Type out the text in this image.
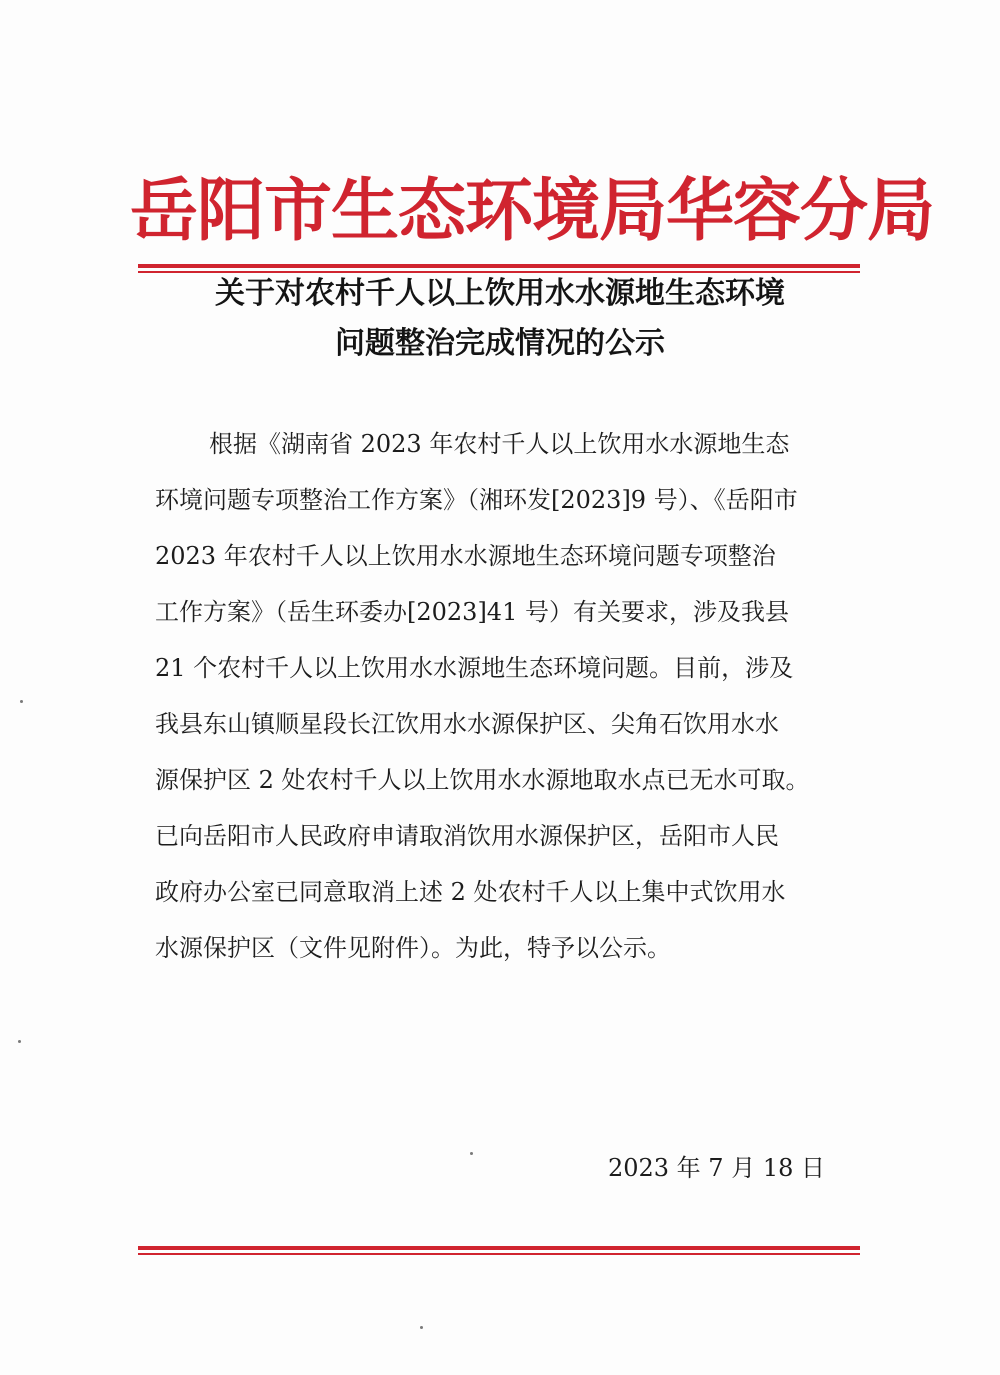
岳阳市生态环境局华容分局
关于对农村千人以上饮用水水源地生态环境
问题整治完成情况的公示
根据《湖南省 2023 年农村千人以上饮用水水源地生态
环境问题专项整治工作方案》（湘环发[2023]9 号）、《岳阳市
2023 年农村千人以上饮用水水源地生态环境问题专项整治
工作方案》（岳生环委办[2023]41 号）有关要求，涉及我县
21 个农村千人以上饮用水水源地生态环境问题。目前，涉及
我县东山镇顺星段长江饮用水水源保护区、尖角石饮用水水
源保护区 2 处农村千人以上饮用水水源地取水点已无水可取。
已向岳阳市人民政府申请取消饮用水源保护区，岳阳市人民
政府办公室已同意取消上述 2 处农村千人以上集中式饮用水
水源保护区（文件见附件）。为此，特予以公示。
2023 年 7 月 18 日
